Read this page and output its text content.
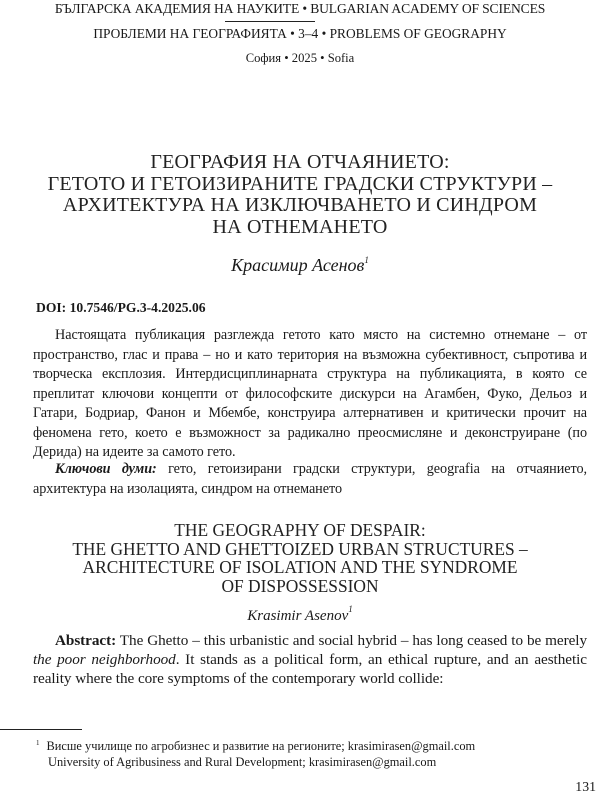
БЪЛГАРСКА АКАДЕМИЯ НА НАУКИТЕ • BULGARIAN ACADEMY OF SCIENCES
ПРОБЛЕМИ НА ГЕОГРАФИЯТА • 3–4 • PROBLEMS OF GEOGRAPHY
София • 2025 • Sofia
ГЕОГРАФИЯ НА ОТЧАЯНИЕТО:
ГЕТОТО И ГЕТОИЗИРАНИТЕ ГРАДСКИ СТРУКТУРИ –
АРХИТЕКТУРА НА ИЗКЛЮЧВАНЕТО И СИНДРОМ
НА ОТНЕМАНЕТО
Красимир Асенов$^1$
DOI: 10.7546/PG.3-4.2025.06
Настоящата публикация разглежда гетото като място на системно отнемане – от пространство, глас и права – но и като територия на възможна субективност, съпротива и творческа експлозия. Интердисциплинарната структура на публикацията, в която се преплитат ключови концепти от философските дискурси на Агамбен, Фуко, Дельоз и Гатари, Бодриар, Фанон и Мбембе, конструира алтернативен и критически прочит на феномена гето, което е възможност за радикално преосмисляне и деконструиране (по Дерида) на идеите за самото гето.
Ключови думи: гето, гетоизирани градски структури, geografia на отчаянието, архитектура на изолацията, синдром на отнемането
THE GEOGRAPHY OF DESPAIR:
THE GHETTO AND GHETTOIZED URBAN STRUCTURES –
ARCHITECTURE OF ISOLATION AND THE SYNDROME
OF DISPOSSESSION
Krasimir Asenov$^1$
Abstract: The Ghetto – this urbanistic and social hybrid – has long ceased to be merely the poor neighborhood. It stands as a political form, an ethical rupture, and an aesthetic reality where the core symptoms of the contemporary world collide:
$^1$ Висше училище по агробизнес и развитие на регионите; krasimirasen@gmail.com
University of Agribusiness and Rural Development; krasimirasen@gmail.com
131
